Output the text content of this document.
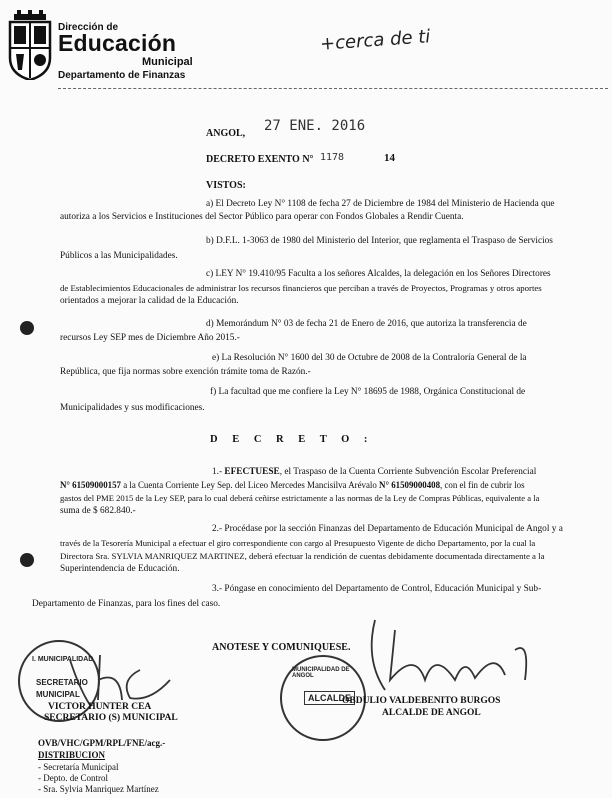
Dirección de
Educación
Municipal
Departamento de Finanzas
+cerca de ti
ANGOL, 27 ENE. 2016
DECRETO EXENTO N° 1178	14
VISTOS:
a) El Decreto Ley N° 1108 de fecha 27 de Diciembre de 1984 del Ministerio de Hacienda que
autoriza a los Servicios e Instituciones del Sector Público para operar con Fondos Globales a Rendir Cuenta.
b) D.F.L. 1-3063 de 1980 del Ministerio del Interior, que reglamenta el Traspaso de Servicios
Públicos a las Municipalidades.
c) LEY N° 19.410/95 Faculta a los señores Alcaldes, la delegación en los Señores Directores
de Establecimientos Educacionales de administrar los recursos financieros que perciban a través de Proyectos, Programas y otros aportes
orientados a mejorar la calidad de la Educación.
d) Memorándum N° 03 de fecha 21 de Enero de 2016, que autoriza la transferencia de
recursos Ley SEP mes de Diciembre Año 2015.-
e) La Resolución N° 1600 del 30 de Octubre de 2008 de la Contraloría General de la
República, que fija normas sobre exención trámite toma de Razón.-
f) La facultad que me confiere la Ley N° 18695 de 1988, Orgánica Constitucional de
Municipalidades y sus modificaciones.
D E C R E T O :
1.- EFECTUESE, el Traspaso de la Cuenta Corriente Subvención Escolar Preferencial
N° 61509000157 a la Cuenta Corriente Ley Sep. del Liceo Mercedes Mancisilva Arévalo N° 61509000408, con el fin de cubrir los
gastos del PME 2015 de la Ley SEP, para lo cual deberá ceñirse estrictamente a las normas de la Ley de Compras Públicas, equivalente a la
suma de $ 682.840.-
2.- Procédase por la sección Finanzas del Departamento de Educación Municipal de Angol y a
través de la Tesorería Municipal a efectuar el giro correspondiente con cargo al Presupuesto Vigente de dicho Departamento, por la cual la
Directora Sra. SYLVIA MANRIQUEZ MARTINEZ, deberá efectuar la rendición de cuentas debidamente documentada directamente a la
Superintendencia de Educación.
3.- Póngase en conocimiento del Departamento de Control, Educación Municipal y Sub-
Departamento de Finanzas, para los fines del caso.
ANOTESE Y COMUNIQUESE.
I. MUNICIPALIDAD
SECRETARIO
MUNICIPAL
MUNICIPALIDAD DE ANGOL
ALCALDE
VICTOR HUNTER CEA
SECRETARIO (S) MUNICIPAL
OBDULIO VALDEBENITO BURGOS
ALCALDE DE ANGOL
OVB/VHC/GPM/RPL/FNE/acg.-
DISTRIBUCION
- Secretaría Municipal
- Depto. de Control
- Sra. Sylvia Manriquez Martínez
